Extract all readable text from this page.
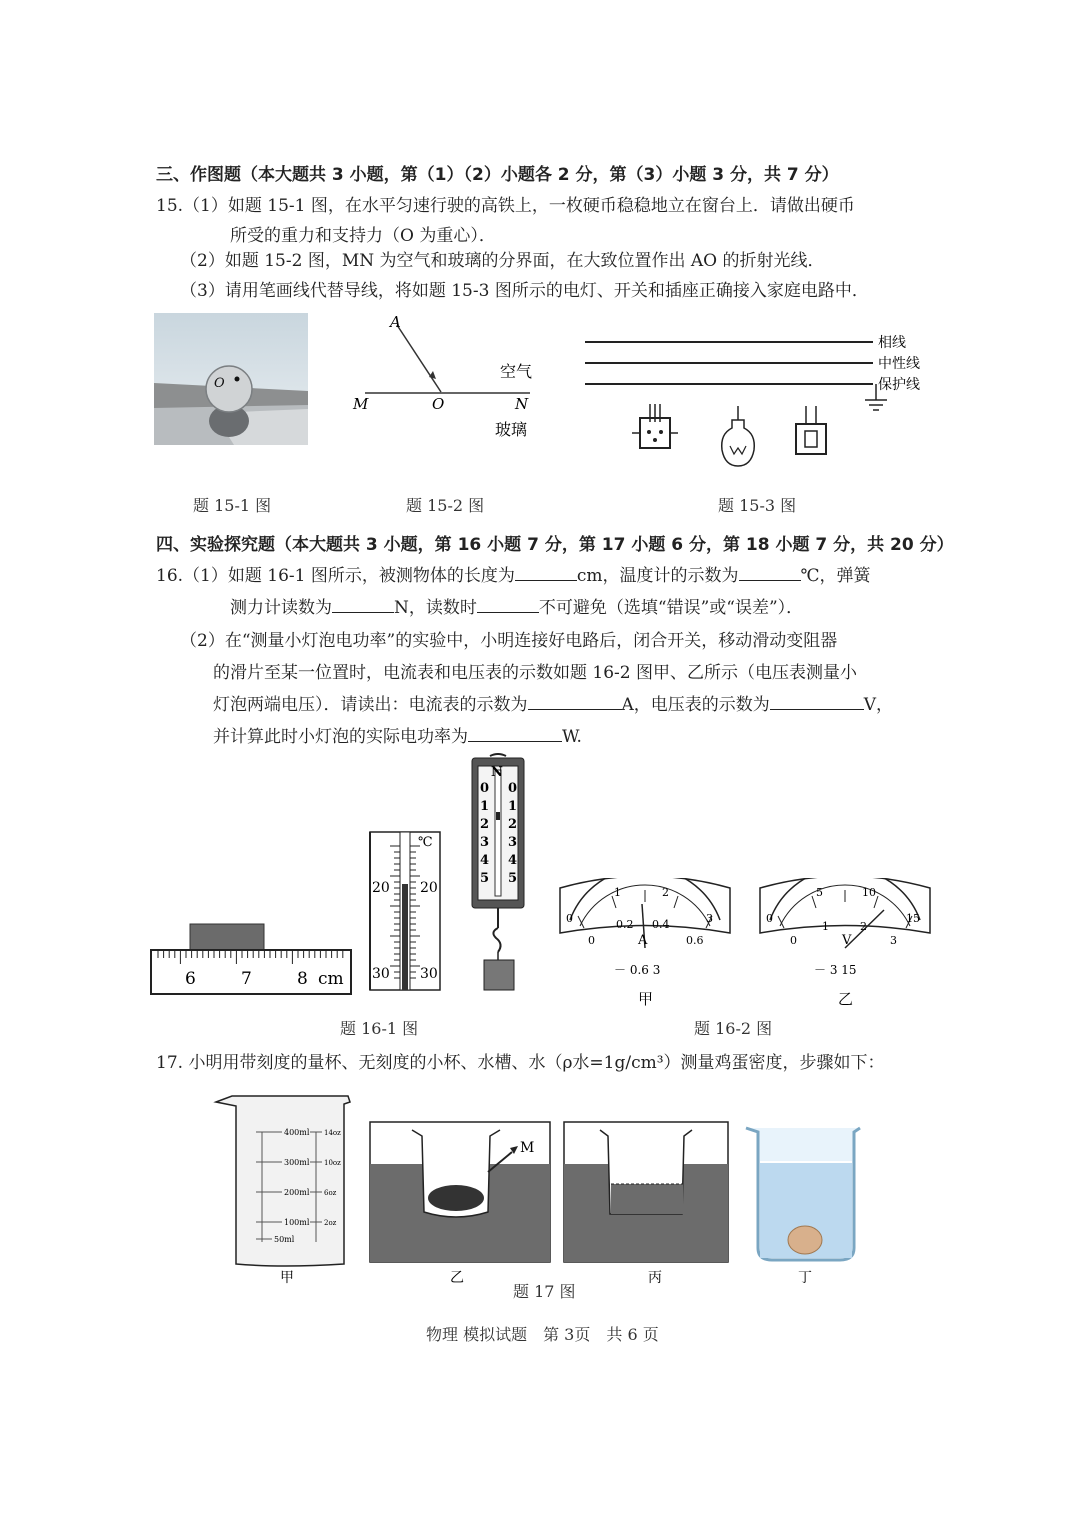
三、作图题（本大题共 3 小题，第（1）（2）小题各 2 分，第（3）小题 3 分，共 7 分）
15.（1）如题 15-1 图，在水平匀速行驶的高铁上，一枚硬币稳稳地立在窗台上．请做出硬币
所受的重力和支持力（O 为重心）．
（2）如题 15-2 图，MN 为空气和玻璃的分界面，在大致位置作出 AO 的折射光线．
（3）请用笔画线代替导线，将如题 15-3 图所示的电灯、开关和插座正确接入家庭电路中．
O
A
M	O	N
空气
玻璃
相线
中性线
保护线
题 15-1 图	题 15-2 图	题 15-3 图
四、实验探究题（本大题共 3 小题，第 16 小题 7 分，第 17 小题 6 分，第 18 小题 7 分，共 20 分）
16.（1）如题 16-1 图所示，被测物体的长度为	cm，温度计的示数为	℃，弹簧
测力计读数为	N，读数时	不可避免（选填“错误”或“误差”）．
（2）在“测量小灯泡电功率”的实验中，小明连接好电路后，闭合开关，移动滑动变阻器
的滑片至某一位置时，电流表和电压表的示数如题 16-2 图甲、乙所示（电压表测量小
灯泡两端电压）．请读出：电流表的示数为	A，电压表的示数为	V，
并计算此时小灯泡的实际电功率为	W.
6	7	8 cm
℃
20 20
30 30
N
0
1
2
3
4
5
0
1
2
3
4
5
0
1	2
3
0
0.2 0.4
0.6
A
－ 0.6 3
甲
0
5	10
15
0
1	2
3
V
－ 3 15
乙
题 16-1 图	题 16-2 图
17. 小明用带刻度的量杯、无刻度的小杯、水槽、水（ρ水=1g/cm³）测量鸡蛋密度，步骤如下：
400ml
300ml
200ml
100ml
50ml
14oz
10oz
6oz
2oz
甲
M
乙	丙	丁
题 17 图
物理 模拟试题　第 3页　共 6 页
